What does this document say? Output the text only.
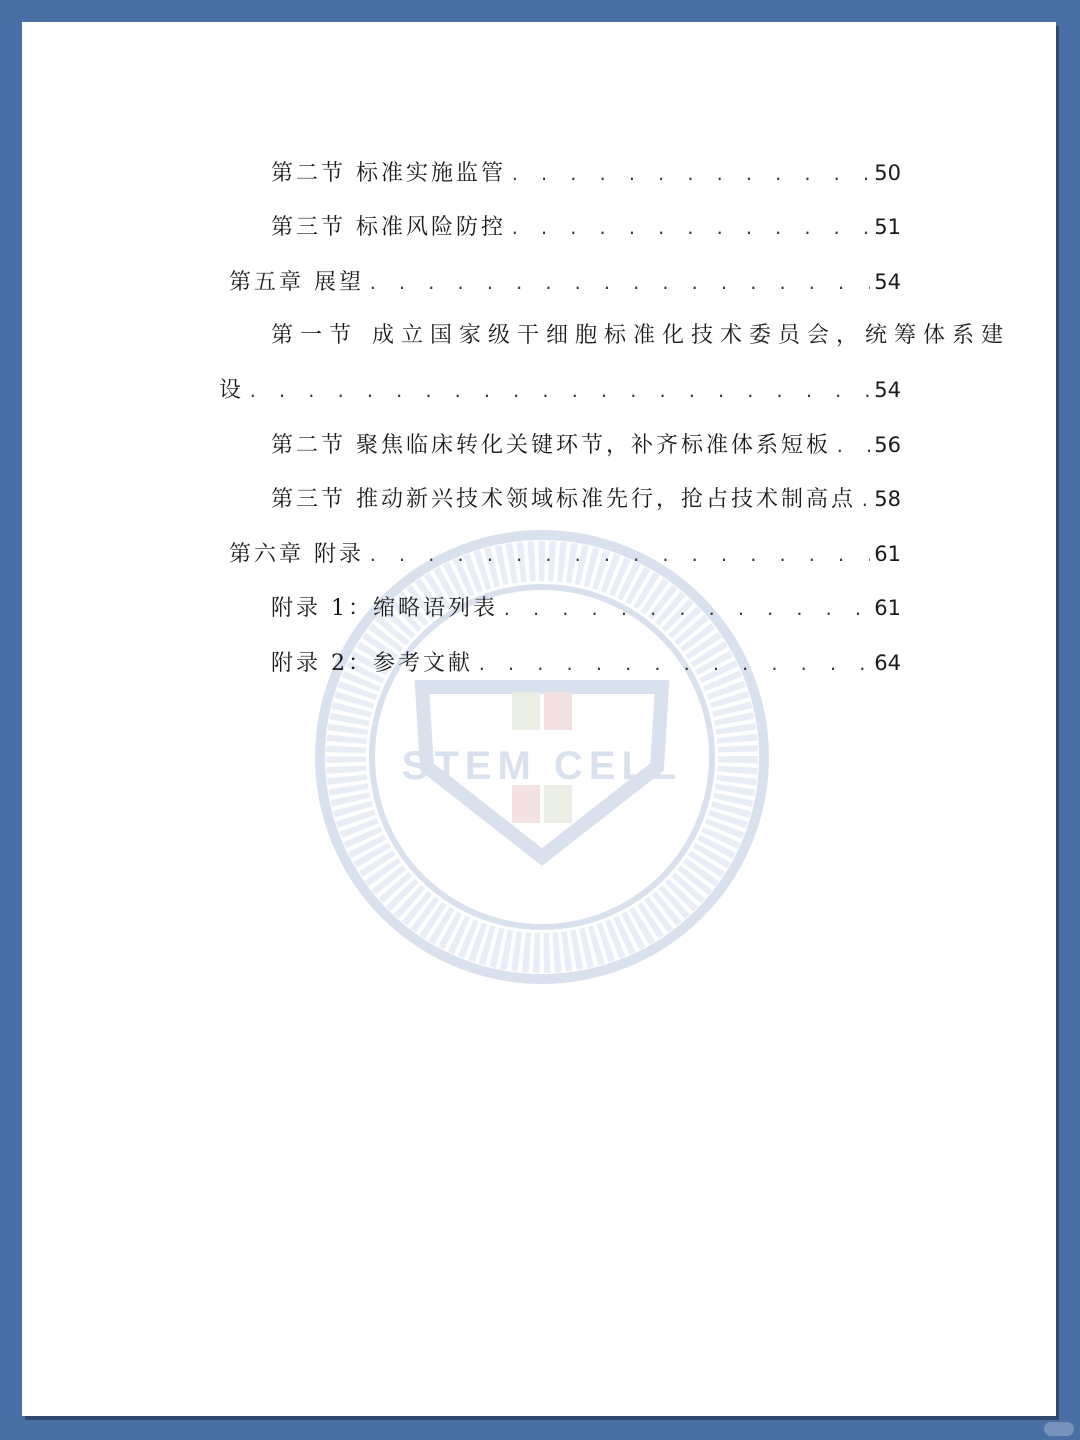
STEM CELL
第二节 标准实施监管 . . .	50
第三节 标准风险防控 . . .	51
第五章 展望 . . .	54
第一节 成立国家级干细胞标准化技术委员会，统筹体系建
设 . . .	54
第二节 聚焦临床转化关键环节，补齐标准体系短板 . . . 56
第三节 推动新兴技术领域标准先行，抢占技术制高点 . . . 58
第六章 附录 . . .	61
附录 1：缩略语列表 . . .	61
附录 2：参考文献 . . .	64
